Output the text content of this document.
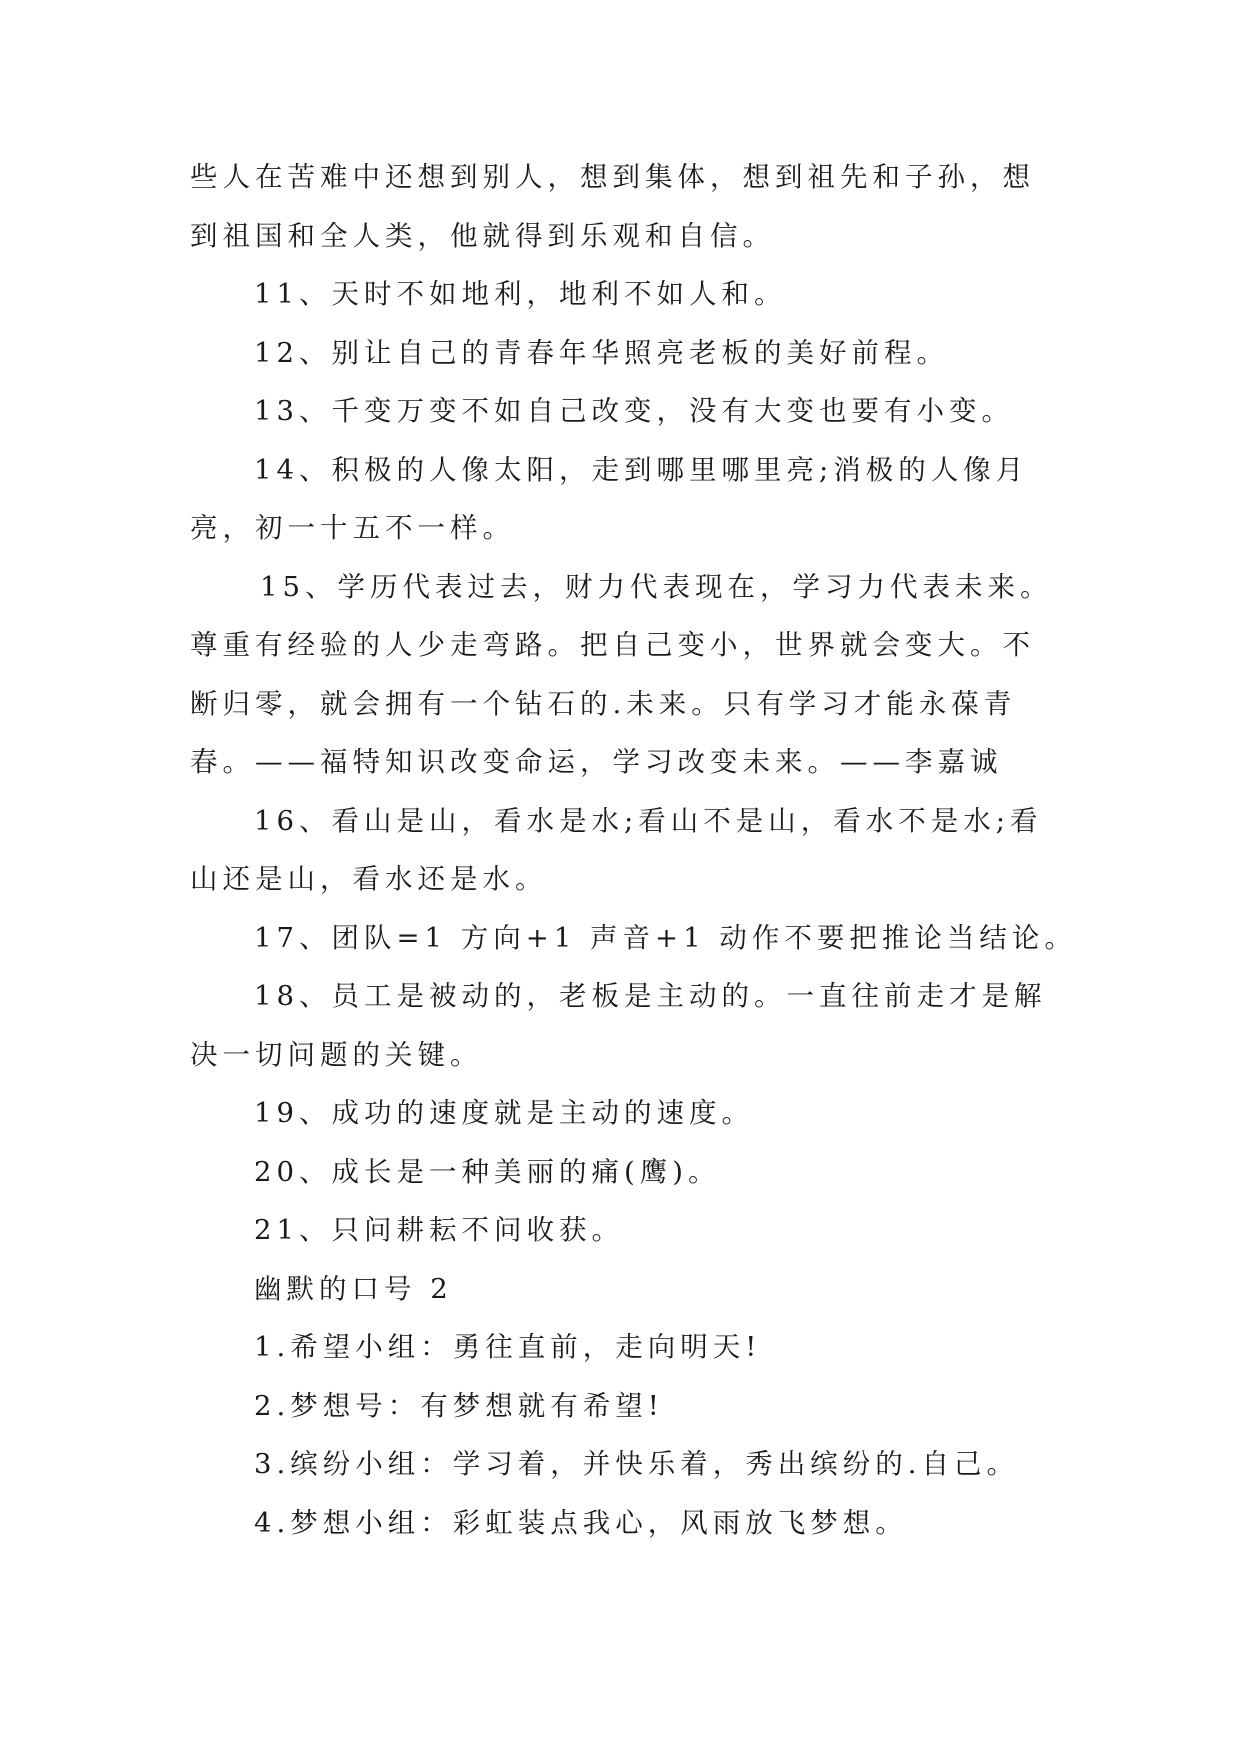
些人在苦难中还想到别人，想到集体，想到祖先和子孙，想
到祖国和全人类，他就得到乐观和自信。
11、天时不如地利，地利不如人和。
12、别让自己的青春年华照亮老板的美好前程。
13、千变万变不如自己改变，没有大变也要有小变。
14、积极的人像太阳，走到哪里哪里亮;消极的人像月
亮，初一十五不一样。
15、学历代表过去，财力代表现在，学习力代表未来。
尊重有经验的人少走弯路。把自己变小，世界就会变大。不
断归零，就会拥有一个钻石的.未来。只有学习才能永葆青
春。——福特知识改变命运，学习改变未来。——李嘉诚
16、看山是山，看水是水;看山不是山，看水不是水;看
山还是山，看水还是水。
17、团队=1 方向+1 声音+1 动作不要把推论当结论。
18、员工是被动的，老板是主动的。一直往前走才是解
决一切问题的关键。
19、成功的速度就是主动的速度。
20、成长是一种美丽的痛(鹰)。
21、只问耕耘不问收获。
幽默的口号 2
1.希望小组：勇往直前，走向明天!
2.梦想号：有梦想就有希望!
3.缤纷小组：学习着，并快乐着，秀出缤纷的.自己。
4.梦想小组：彩虹装点我心，风雨放飞梦想。
